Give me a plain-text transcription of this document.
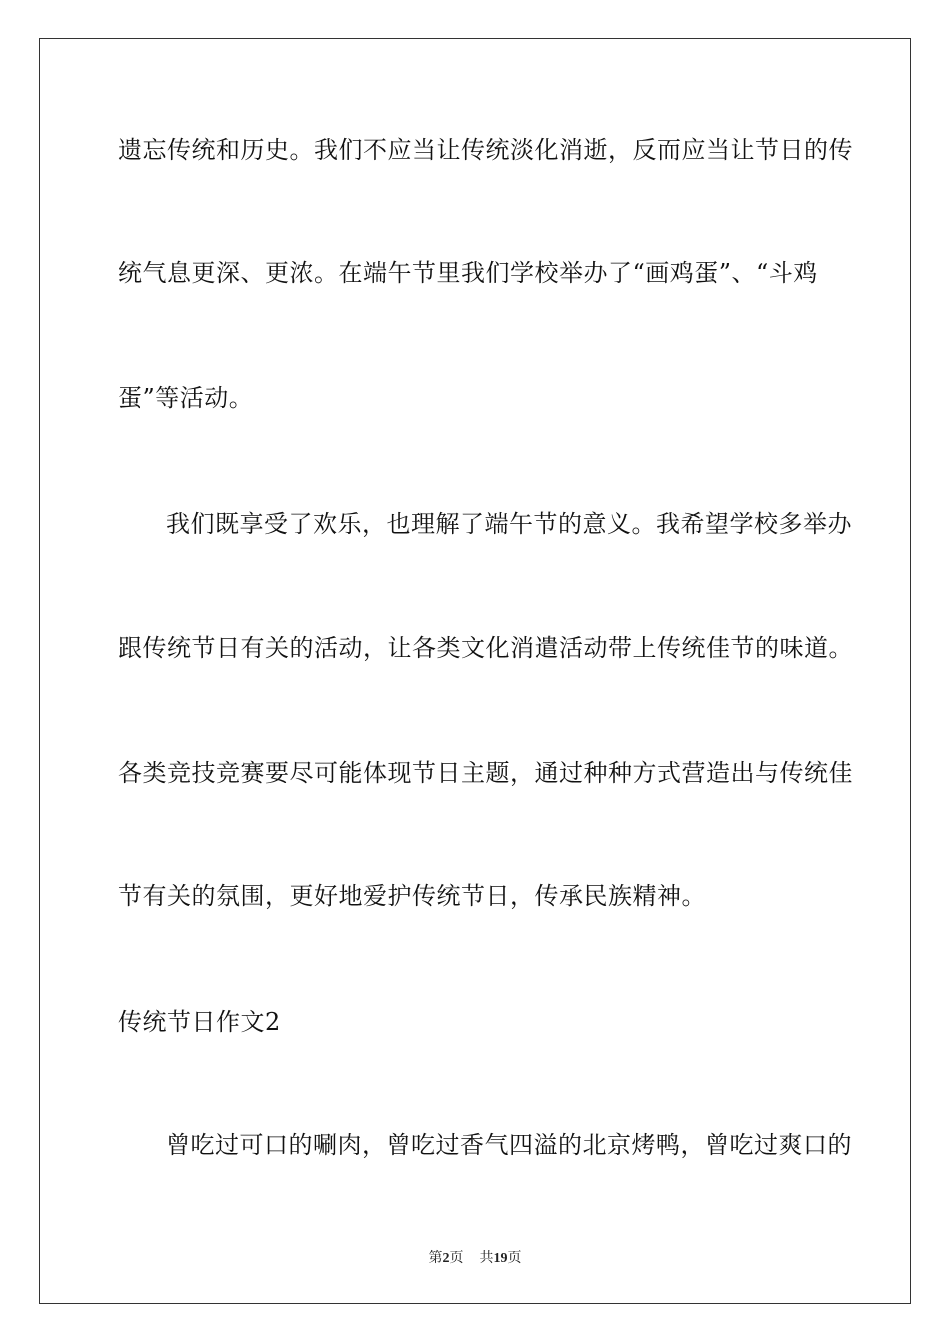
遗忘传统和历史。我们不应当让传统淡化消逝，反而应当让节日的传
统气息更深、更浓。在端午节里我们学校举办了“画鸡蛋”、“斗鸡
蛋”等活动。
我们既享受了欢乐，也理解了端午节的意义。我希望学校多举办
跟传统节日有关的活动，让各类文化消遣活动带上传统佳节的味道。
各类竞技竞赛要尽可能体现节日主题，通过种种方式营造出与传统佳
节有关的氛围，更好地爱护传统节日，传承民族精神。
传统节日作文2
曾吃过可口的唰肉，曾吃过香气四溢的北京烤鸭，曾吃过爽口的
第2页 共19页
